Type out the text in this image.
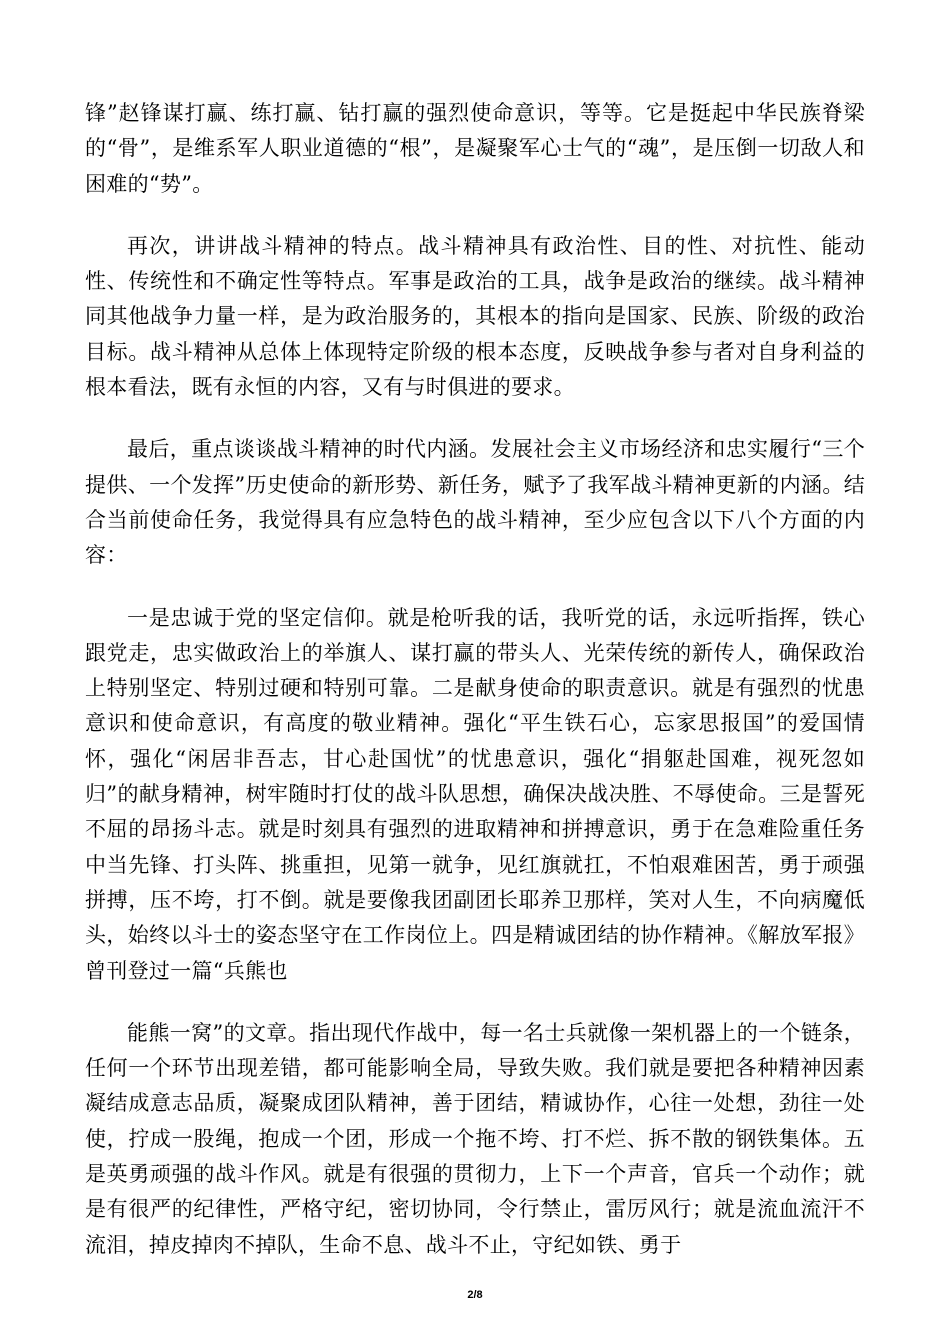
锋”赵锋谋打赢、练打赢、钻打赢的强烈使命意识，等等。它是挺起中华民族脊梁的“骨”，是维系军人职业道德的“根”，是凝聚军心士气的“魂”，是压倒一切敌人和困难的“势”。

再次，讲讲战斗精神的特点。战斗精神具有政治性、目的性、对抗性、能动性、传统性和不确定性等特点。军事是政治的工具，战争是政治的继续。战斗精神同其他战争力量一样，是为政治服务的，其根本的指向是国家、民族、阶级的政治目标。战斗精神从总体上体现特定阶级的根本态度，反映战争参与者对自身利益的根本看法，既有永恒的内容，又有与时俱进的要求。

最后，重点谈谈战斗精神的时代内涵。发展社会主义市场经济和忠实履行“三个提供、一个发挥”历史使命的新形势、新任务，赋予了我军战斗精神更新的内涵。结合当前使命任务，我觉得具有应急特色的战斗精神，至少应包含以下八个方面的内容：

一是忠诚于党的坚定信仰。就是枪听我的话，我听党的话，永远听指挥，铁心跟党走，忠实做政治上的举旗人、谋打赢的带头人、光荣传统的新传人，确保政治上特别坚定、特别过硬和特别可靠。二是献身使命的职责意识。就是有强烈的忧患意识和使命意识，有高度的敬业精神。强化“平生铁石心，忘家思报国”的爱国情怀，强化“闲居非吾志，甘心赴国忧”的忧患意识，强化“捐躯赴国难，视死忽如归”的献身精神，树牢随时打仗的战斗队思想，确保决战决胜、不辱使命。三是誓死不屈的昂扬斗志。就是时刻具有强烈的进取精神和拼搏意识，勇于在急难险重任务中当先锋、打头阵、挑重担，见第一就争，见红旗就扛，不怕艰难困苦，勇于顽强拼搏，压不垮，打不倒。就是要像我团副团长耶养卫那样，笑对人生，不向病魔低头，始终以斗士的姿态坚守在工作岗位上。四是精诚团结的协作精神。《解放军报》曾刊登过一篇“兵熊也

能熊一窝”的文章。指出现代作战中，每一名士兵就像一架机器上的一个链条，任何一个环节出现差错，都可能影响全局，导致失败。我们就是要把各种精神因素凝结成意志品质，凝聚成团队精神，善于团结，精诚协作，心往一处想，劲往一处使，拧成一股绳，抱成一个团，形成一个拖不垮、打不烂、拆不散的钢铁集体。五是英勇顽强的战斗作风。就是有很强的贯彻力，上下一个声音，官兵一个动作；就是有很严的纪律性，严格守纪，密切协同，令行禁止，雷厉风行；就是流血流汗不流泪，掉皮掉肉不掉队，生命不息、战斗不止，守纪如铁、勇于

2/8
